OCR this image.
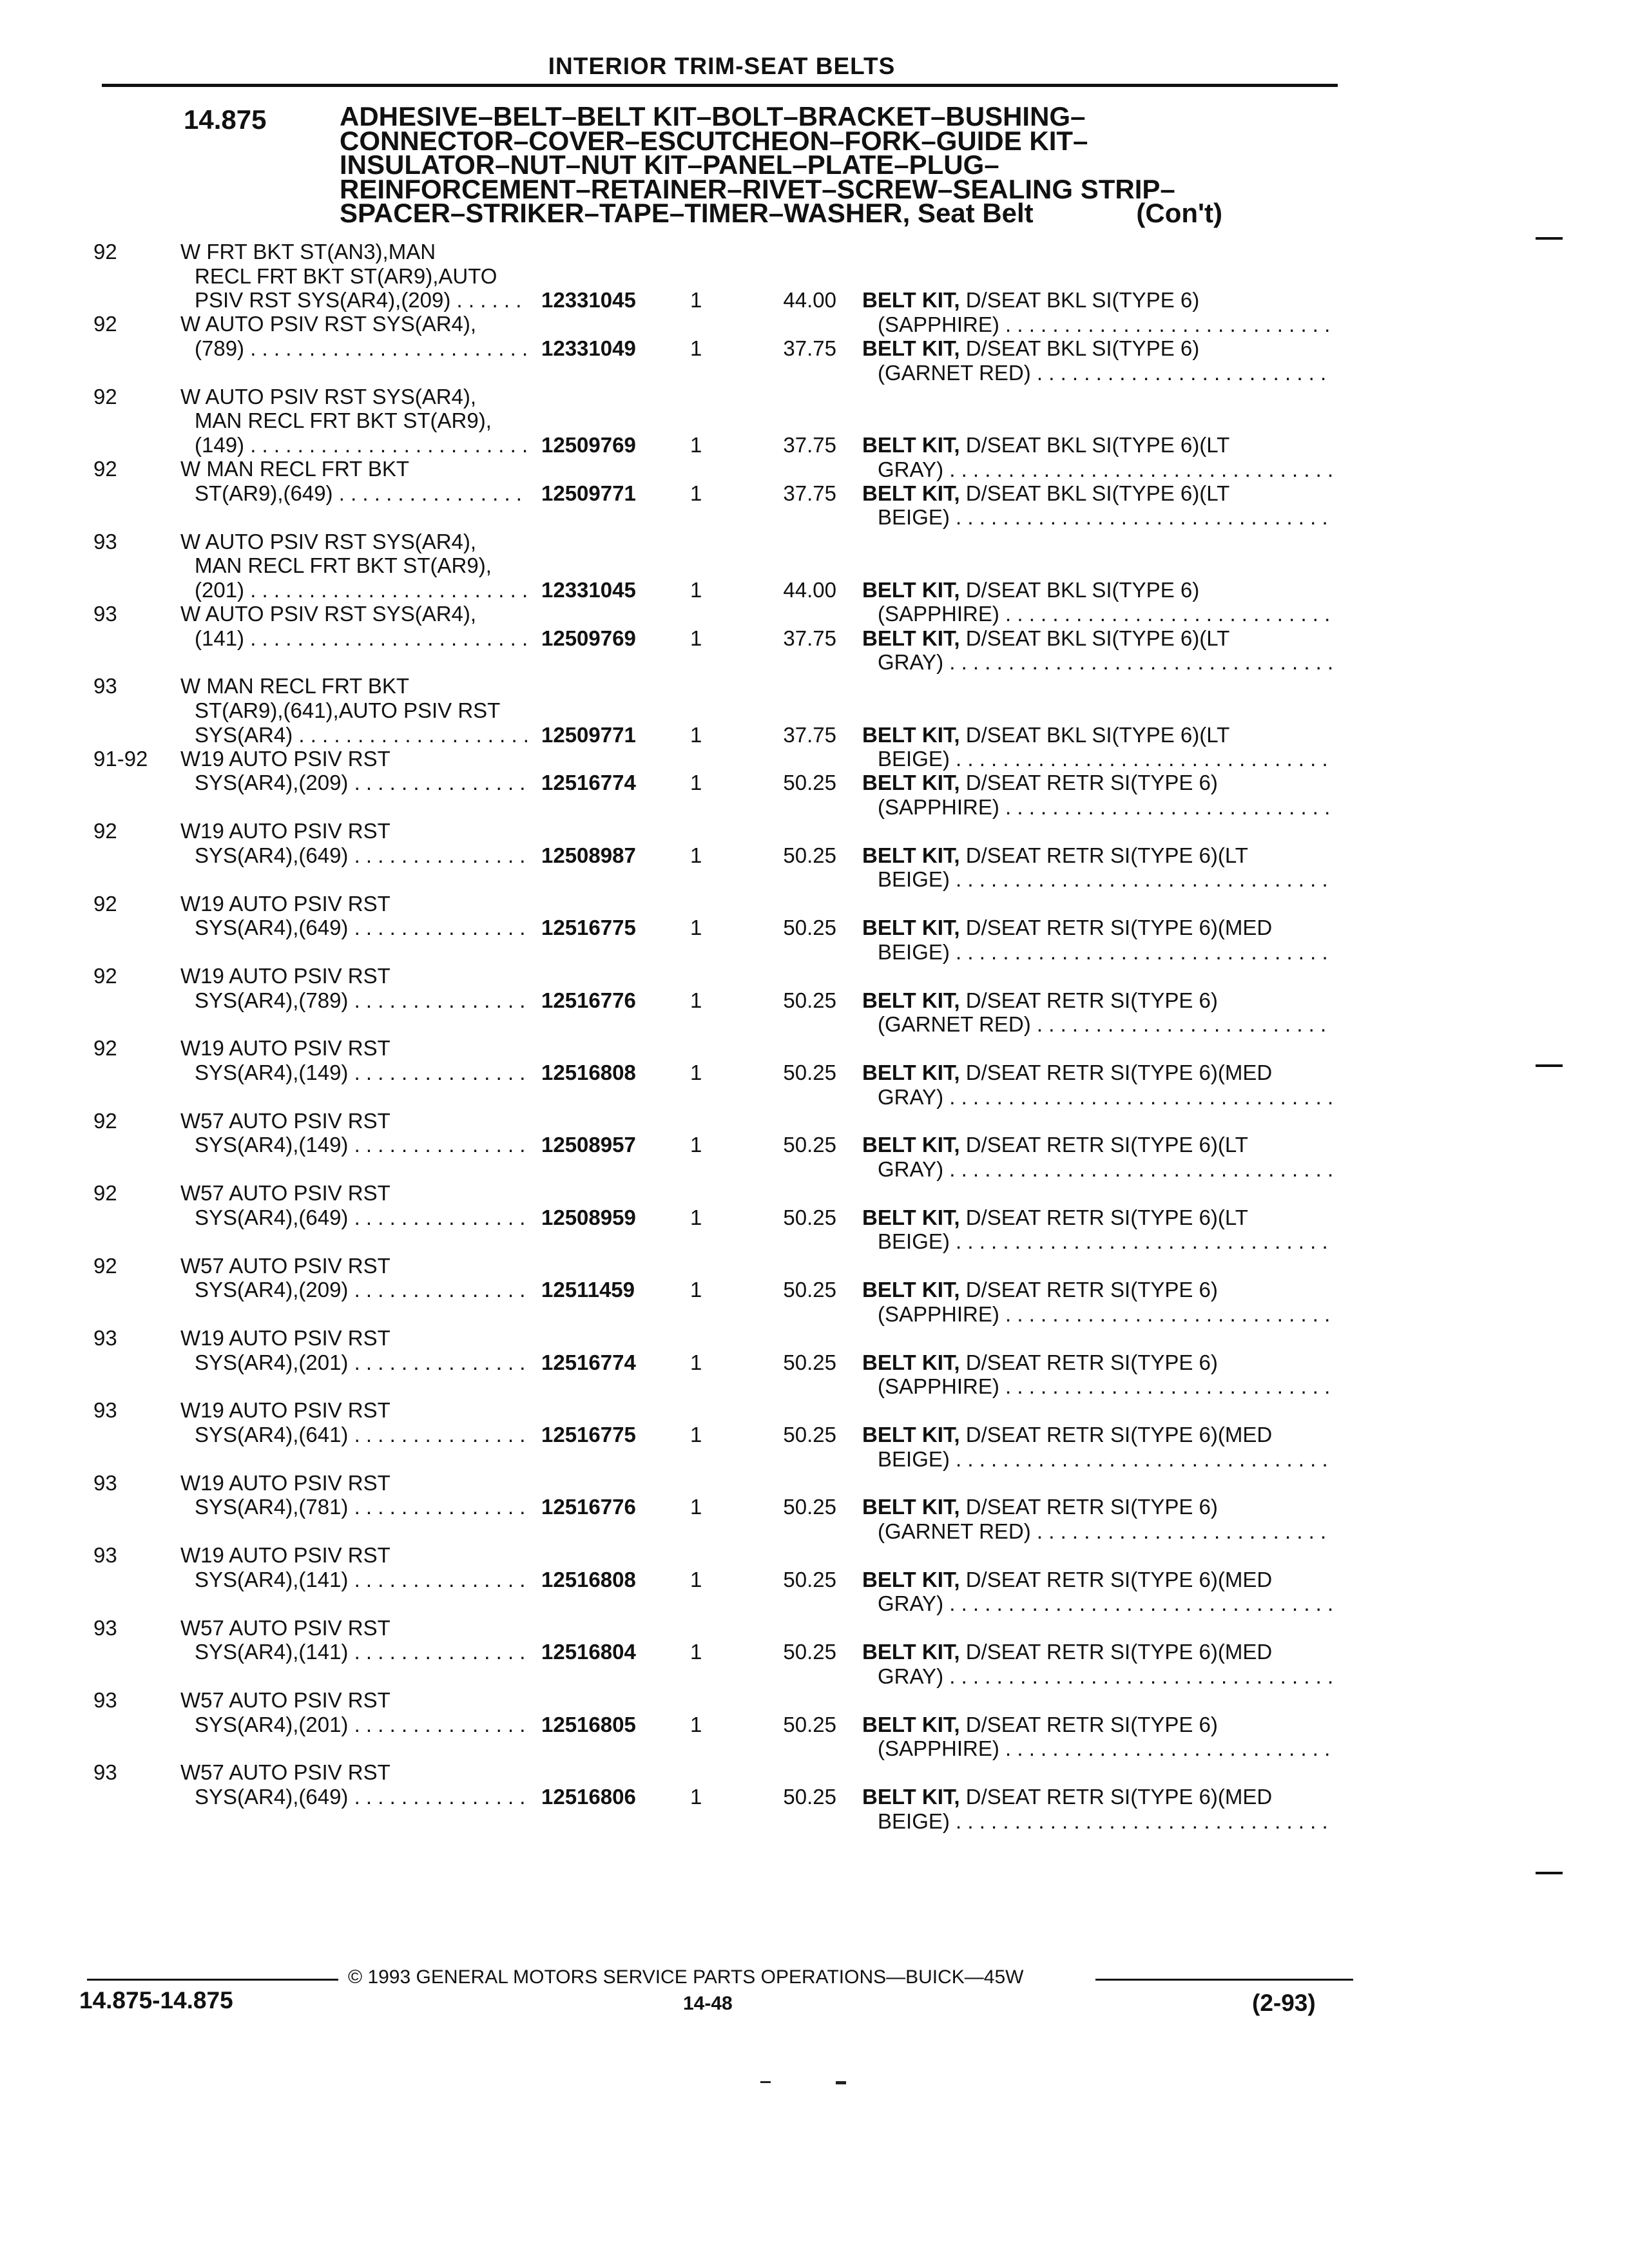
INTERIOR TRIM-SEAT BELTS
14.875	ADHESIVE–BELT–BELT KIT–BOLT–BRACKET–BUSHING–
CONNECTOR–COVER–ESCUTCHEON–FORK–GUIDE KIT–
INSULATOR–NUT–NUT KIT–PANEL–PLATE–PLUG–
REINFORCEMENT–RETAINER–RIVET–SCREW–SEALING STRIP–
SPACER–STRIKER–TAPE–TIMER–WASHER, Seat Belt	(Con't)
92	W FRT BKT ST(AN3),MAN
RECL FRT BKT ST(AR9),AUTO
PSIV RST SYS(AR4),(209) . . .	12331045	1	44.00 BELT KIT, D/SEAT BKL SI(TYPE 6)
(SAPPHIRE) . . .
92	W AUTO PSIV RST SYS(AR4),
(789) . . .	12331049	1	37.75 BELT KIT, D/SEAT BKL SI(TYPE 6)
(GARNET RED) . . .
92	W AUTO PSIV RST SYS(AR4),
MAN RECL FRT BKT ST(AR9),
(149) . . .	12509769	1	37.75 BELT KIT, D/SEAT BKL SI(TYPE 6)(LT
GRAY) . . .
92	W MAN RECL FRT BKT
ST(AR9),(649) . . .	12509771	1	37.75 BELT KIT, D/SEAT BKL SI(TYPE 6)(LT
BEIGE) . . .
93	W AUTO PSIV RST SYS(AR4),
MAN RECL FRT BKT ST(AR9),
(201) . . .	12331045	1	44.00 BELT KIT, D/SEAT BKL SI(TYPE 6)
(SAPPHIRE) . . .
93	W AUTO PSIV RST SYS(AR4),
(141) . . .	12509769	1	37.75 BELT KIT, D/SEAT BKL SI(TYPE 6)(LT
GRAY) . . .
93	W MAN RECL FRT BKT
ST(AR9),(641),AUTO PSIV RST
SYS(AR4) . . .	12509771	1	37.75 BELT KIT, D/SEAT BKL SI(TYPE 6)(LT
BEIGE) . . .
91-92 W19 AUTO PSIV RST
SYS(AR4),(209) . . .	12516774	1	50.25 BELT KIT, D/SEAT RETR SI(TYPE 6)
(SAPPHIRE) . . .
92	W19 AUTO PSIV RST
SYS(AR4),(649) . . .	12508987	1	50.25 BELT KIT, D/SEAT RETR SI(TYPE 6)(LT
BEIGE) . . .
92	W19 AUTO PSIV RST
SYS(AR4),(649) . . .	12516775	1	50.25 BELT KIT, D/SEAT RETR SI(TYPE 6)(MED
BEIGE) . . .
92	W19 AUTO PSIV RST
SYS(AR4),(789) . . .	12516776	1	50.25 BELT KIT, D/SEAT RETR SI(TYPE 6)
(GARNET RED) . . .
92	W19 AUTO PSIV RST
SYS(AR4),(149) . . .	12516808	1	50.25 BELT KIT, D/SEAT RETR SI(TYPE 6)(MED
GRAY) . . .
92	W57 AUTO PSIV RST
SYS(AR4),(149) . . .	12508957	1	50.25 BELT KIT, D/SEAT RETR SI(TYPE 6)(LT
GRAY) . . .
92	W57 AUTO PSIV RST
SYS(AR4),(649) . . .	12508959	1	50.25 BELT KIT, D/SEAT RETR SI(TYPE 6)(LT
BEIGE) . . .
92	W57 AUTO PSIV RST
SYS(AR4),(209) . . .	12511459	1	50.25 BELT KIT, D/SEAT RETR SI(TYPE 6)
(SAPPHIRE) . . .
93	W19 AUTO PSIV RST
SYS(AR4),(201) . . .	12516774	1	50.25 BELT KIT, D/SEAT RETR SI(TYPE 6)
(SAPPHIRE) . . .
93	W19 AUTO PSIV RST
SYS(AR4),(641) . . .	12516775	1	50.25 BELT KIT, D/SEAT RETR SI(TYPE 6)(MED
BEIGE) . . .
93	W19 AUTO PSIV RST
SYS(AR4),(781) . . .	12516776	1	50.25 BELT KIT, D/SEAT RETR SI(TYPE 6)
(GARNET RED) . . .
93	W19 AUTO PSIV RST
SYS(AR4),(141) . . .	12516808	1	50.25 BELT KIT, D/SEAT RETR SI(TYPE 6)(MED
GRAY) . . .
93	W57 AUTO PSIV RST
SYS(AR4),(141) . . .	12516804	1	50.25 BELT KIT, D/SEAT RETR SI(TYPE 6)(MED
GRAY) . . .
93	W57 AUTO PSIV RST
SYS(AR4),(201) . . .	12516805	1	50.25 BELT KIT, D/SEAT RETR SI(TYPE 6)
(SAPPHIRE) . . .
93	W57 AUTO PSIV RST
SYS(AR4),(649) . . .	12516806	1	50.25 BELT KIT, D/SEAT RETR SI(TYPE 6)(MED
BEIGE) . . .
© 1993 GENERAL MOTORS SERVICE PARTS OPERATIONS—BUICK—45W
14.875-14.875	14-48	(2-93)
